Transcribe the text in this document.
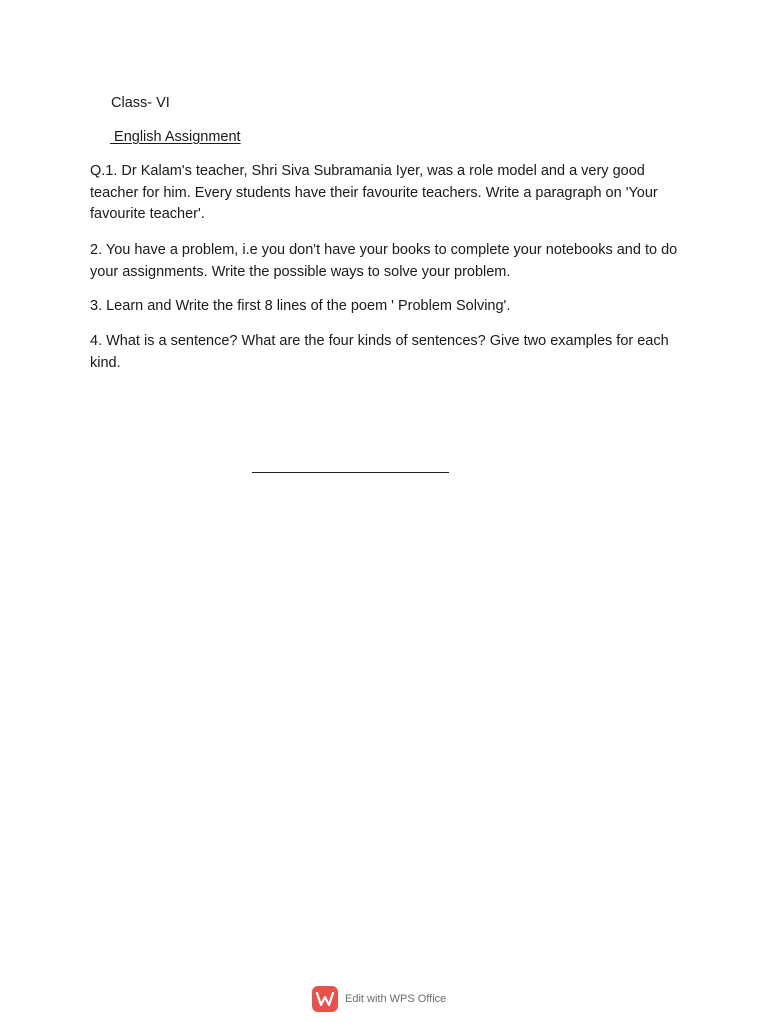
Class- VI
English Assignment

Q.1. Dr Kalam's teacher, Shri Siva Subramania Iyer, was a role model and a very good teacher for him. Every students have their favourite teachers. Write a paragraph on 'Your favourite teacher'.

2. You have a problem, i.e you don't have your books to complete your notebooks and to do your assignments. Write the possible ways to solve your problem.

3. Learn and Write the first 8 lines of the poem ' Problem Solving'.

4. What is a sentence? What are the four kinds of sentences? Give two examples for each kind.

Edit with WPS Office
